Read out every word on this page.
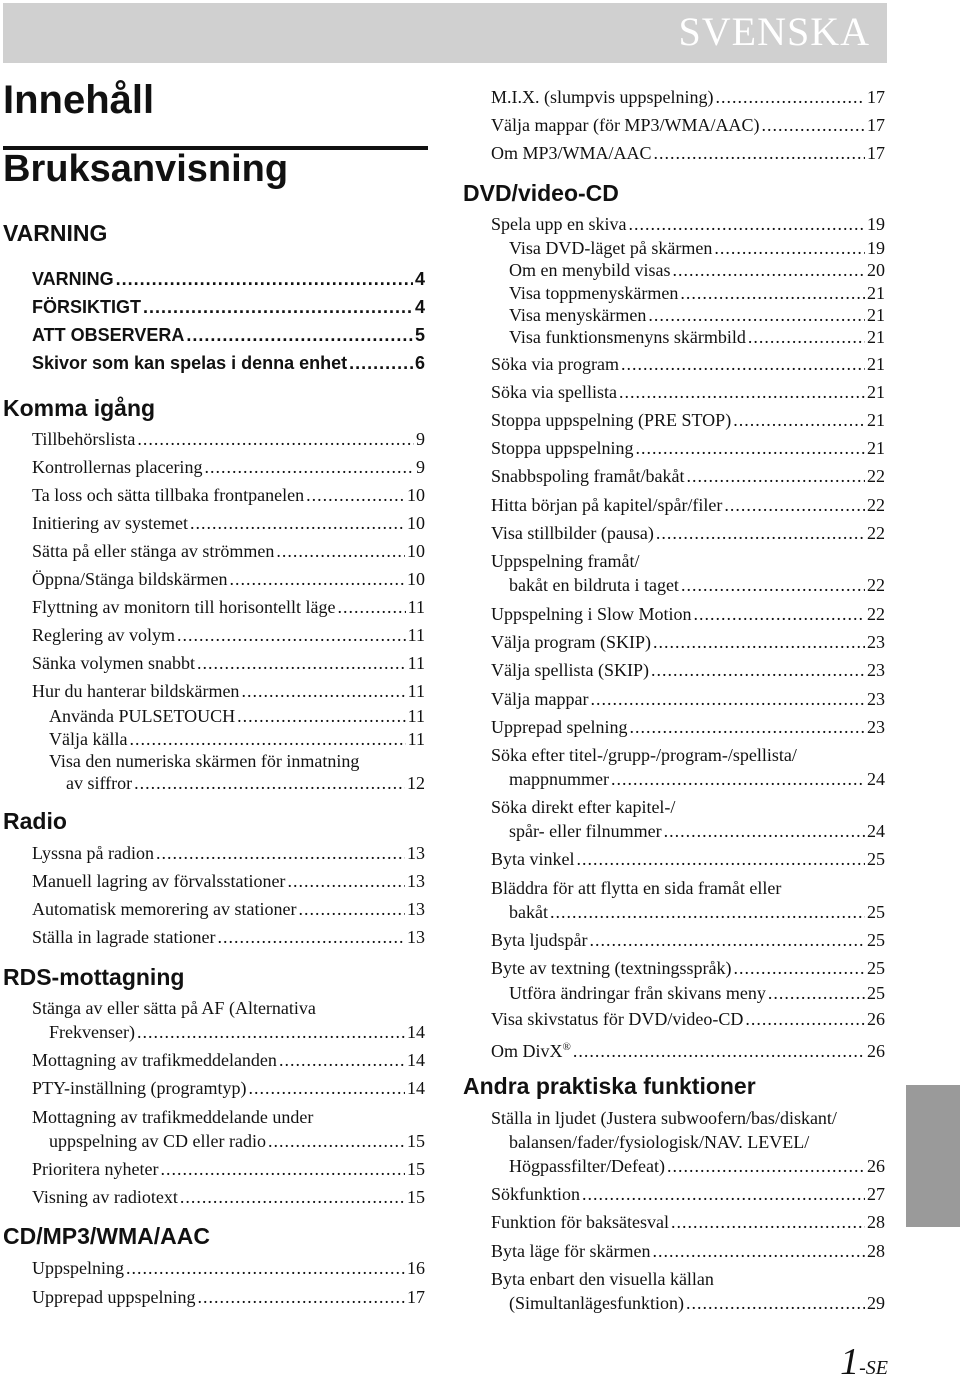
SVENSKA
Innehåll
Bruksanvisning
VARNING
VARNING .....	4
FÖRSIKTIGT .....	4
ATT OBSERVERA .....	5
Skivor som kan spelas i denna enhet .....	6
Komma igång
Tillbehörslista .....	9
Kontrollernas placering .....	9
Ta loss och sätta tillbaka frontpanelen .....	10
Initiering av systemet .....	10
Sätta på eller stänga av strömmen .....	10
Öppna/Stänga bildskärmen .....	10
Flyttning av monitorn till horisontellt läge .....	11
Reglering av volym .....	11
Sänka volymen snabbt .....	11
Hur du hanterar bildskärmen .....	11
Använda PULSETOUCH .....	11
Välja källa .....	11
Visa den numeriska skärmen för inmatning
av siffror .....	12
Radio
Lyssna på radion .....	13
Manuell lagring av förvalsstationer .....	13
Automatisk memorering av stationer .....	13
Ställa in lagrade stationer .....	13
RDS-mottagning
Stänga av eller sätta på AF (Alternativa
Frekvenser) .....	14
Mottagning av trafikmeddelanden .....	14
PTY-inställning (programtyp) .....	14
Mottagning av trafikmeddelande under
uppspelning av CD eller radio .....	15
Prioritera nyheter .....	15
Visning av radiotext .....	15
CD/MP3/WMA/AAC
Uppspelning .....	16
Upprepad uppspelning .....	17
M.I.X. (slumpvis uppspelning) .....	17
Välja mappar (för MP3/WMA/AAC) .....	17
Om MP3/WMA/AAC .....	17
DVD/video-CD
Spela upp en skiva .....	19
Visa DVD-läget på skärmen .....	19
Om en menybild visas .....	20
Visa toppmenyskärmen .....	21
Visa menyskärmen .....	21
Visa funktionsmenyns skärmbild .....	21
Söka via program .....	21
Söka via spellista .....	21
Stoppa uppspelning (PRE STOP) .....	21
Stoppa uppspelning .....	21
Snabbspoling framåt/bakåt .....	22
Hitta början på kapitel/spår/filer .....	22
Visa stillbilder (pausa) .....	22
Uppspelning framåt/
bakåt en bildruta i taget .....	22
Uppspelning i Slow Motion .....	22
Välja program (SKIP) .....	23
Välja spellista (SKIP) .....	23
Välja mappar .....	23
Upprepad spelning .....	23
Söka efter titel-/grupp-/program-/spellista/
mappnummer .....	24
Söka direkt efter kapitel-/
spår- eller filnummer .....	24
Byta vinkel .....	25
Bläddra för att flytta en sida framåt eller
bakåt .....	25
Byta ljudspår .....	25
Byte av textning (textningsspråk) .....	25
Utföra ändringar från skivans meny .....	25
Visa skivstatus för DVD/video-CD .....	26
Om DivX® .....	26
Andra praktiska funktioner
Ställa in ljudet (Justera subwoofern/bas/diskant/
balansen/fader/fysiologisk/NAV. LEVEL/
Högpassfilter/Defeat) .....	26
Sökfunktion .....	27
Funktion för baksätesval .....	28
Byta läge för skärmen .....	28
Byta enbart den visuella källan
(Simultanlägesfunktion) .....	29
1-SE
